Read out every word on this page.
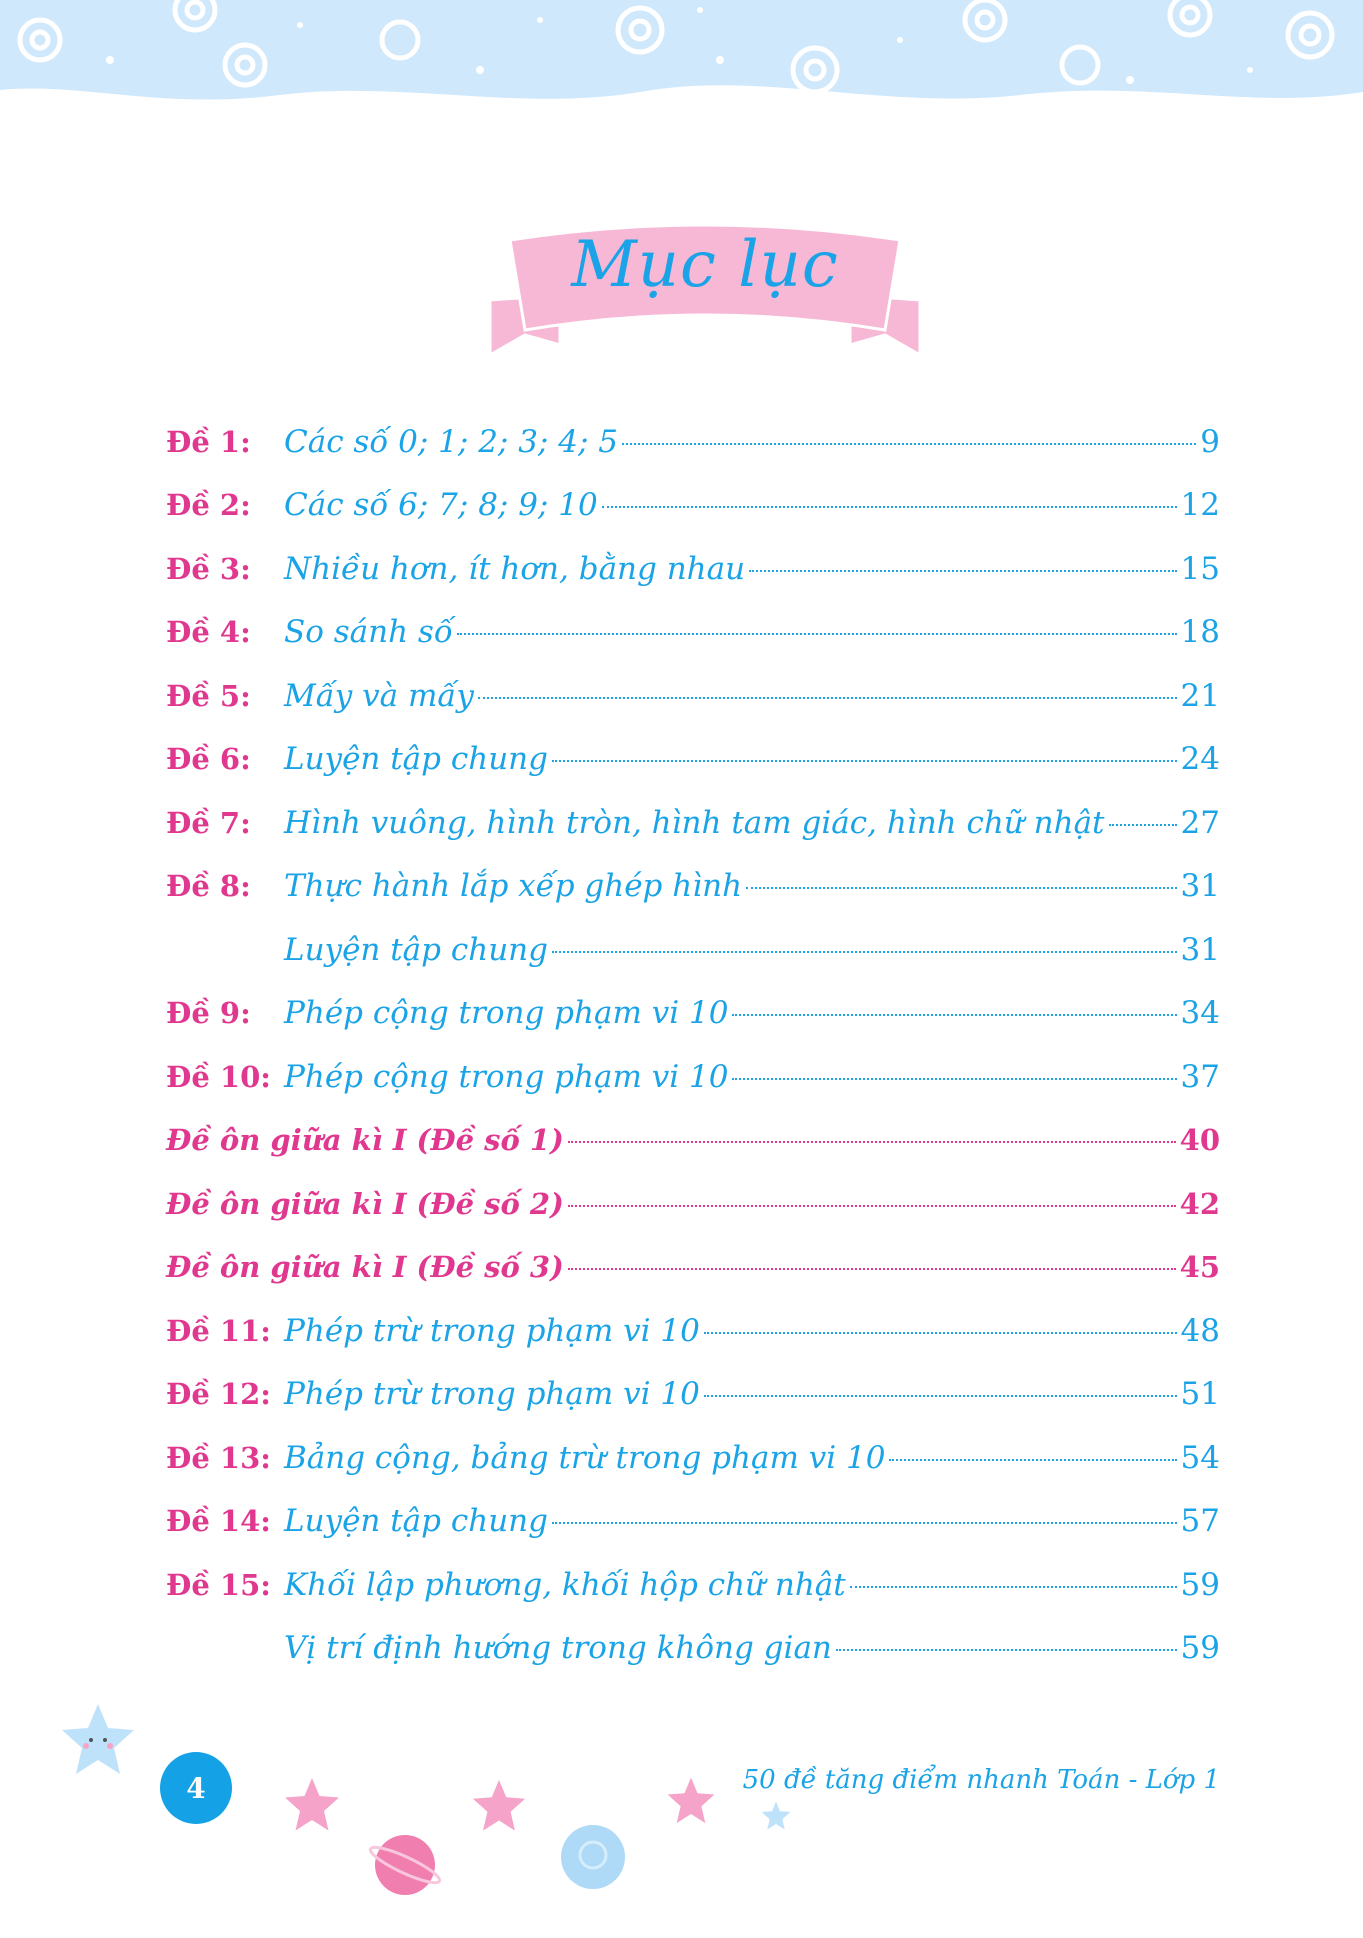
Mục lục
Đề 1:	Các số 0; 1; 2; 3; 4; 5	9
Đề 2:	Các số 6; 7; 8; 9; 10	12
Đề 3:	Nhiều hơn, ít hơn, bằng nhau	15
Đề 4:	So sánh số	18
Đề 5:	Mấy và mấy	21
Đề 6:	Luyện tập chung	24
Đề 7:	Hình vuông, hình tròn, hình tam giác, hình chữ nhật 27
Đề 8:	Thực hành lắp xếp ghép hình	31
Luyện tập chung	31
Đề 9:	Phép cộng trong phạm vi 10	34
Đề 10: Phép cộng trong phạm vi 10	37
Đề ôn giữa kì I (Đề số 1)	40
Đề ôn giữa kì I (Đề số 2)	42
Đề ôn giữa kì I (Đề số 3)	45
Đề 11: Phép trừ trong phạm vi 10	48
Đề 12: Phép trừ trong phạm vi 10	51
Đề 13: Bảng cộng, bảng trừ trong phạm vi 10	54
Đề 14: Luyện tập chung	57
Đề 15: Khối lập phương, khối hộp chữ nhật	59
Vị trí định hướng trong không gian	59
4	50 đề tăng điểm nhanh Toán - Lớp 1
